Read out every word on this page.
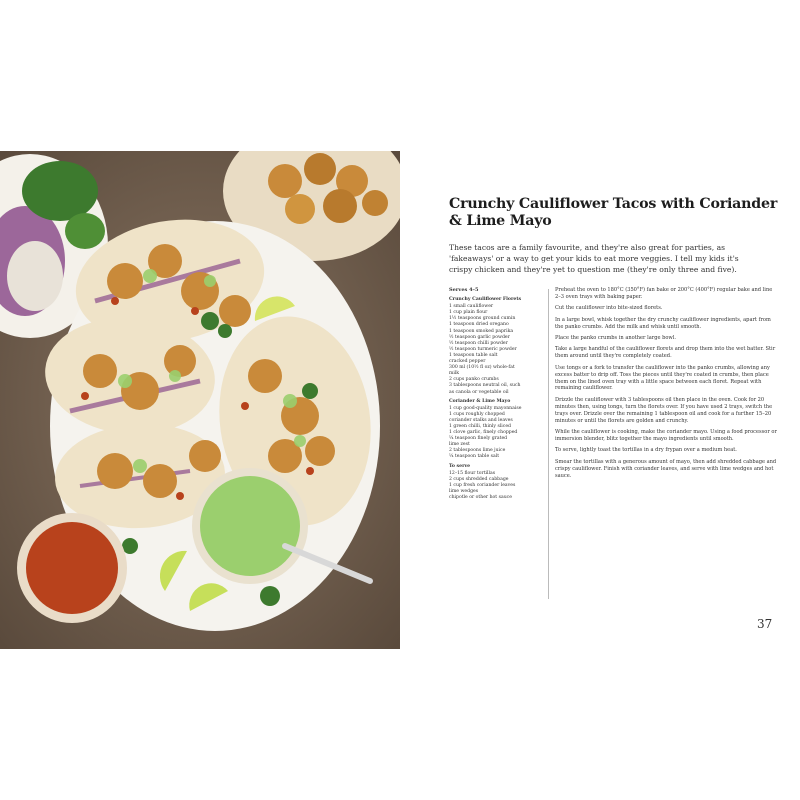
Crunchy Cauliflower Tacos with Coriander & Lime Mayo

These tacos are a family favourite, and they're also great for parties, as 'fakeaways' or a way to get your kids to eat more veggies. I tell my kids it's crispy chicken and they're yet to question me (they're only three and five).

Serves 4–5
Crunchy Cauliflower Florets
1 small cauliflower
1 cup plain flour
1½ teaspoons ground cumin
1 teaspoon dried oregano
1 teaspoon smoked paprika
½ teaspoon garlic powder
½ teaspoon chilli powder
½ teaspoon turmeric powder
1 teaspoon table salt
cracked pepper
300 ml (10½ fl oz) whole-fat
milk
2 cups panko crumbs
3 tablespoons neutral oil, such
as canola or vegetable oil
Coriander & Lime Mayo
1 cup good-quality mayonnaise
1 cups roughly chopped
coriander stalks and leaves
1 green chilli, thinly sliced
1 clove garlic, finely chopped
¼ teaspoon finely grated
lime zest
2 tablespoons lime juice
¼ teaspoon table salt
To serve
12–15 flour tortillas
2 cups shredded cabbage
1 cup fresh coriander leaves
lime wedges
chipotle or other hot sauce

Preheat the oven to 180°C (350°F) fan bake or 200°C (400°F) regular bake and line 2–3 oven trays with baking paper.

Cut the cauliflower into bite-sized florets.

In a large bowl, whisk together the dry crunchy cauliflower ingredients, apart from the panko crumbs. Add the milk and whisk until smooth.

Place the panko crumbs in another large bowl.

Take a large handful of the cauliflower florets and drop them into the wet batter. Stir them around until they're completely coated.

Use tongs or a fork to transfer the cauliflower into the panko crumbs, allowing any excess batter to drip off. Toss the pieces until they're coated in crumbs, then place them on the lined oven tray with a little space between each floret. Repeat with remaining cauliflower.

Drizzle the cauliflower with 3 tablespoons oil then place in the oven. Cook for 20 minutes then, using tongs, turn the florets over. If you have used 2 trays, switch the trays over. Drizzle over the remaining 1 tablespoon oil and cook for a further 15–20 minutes or until the florets are golden and crunchy.

While the cauliflower is cooking, make the coriander mayo. Using a food processor or immersion blender, blitz together the mayo ingredients until smooth.

To serve, lightly toast the tortillas in a dry frypan over a medium heat.

Smear the tortillas with a generous amount of mayo, then add shredded cabbage and crispy cauliflower. Finish with coriander leaves, and serve with lime wedges and hot sauce.

37
